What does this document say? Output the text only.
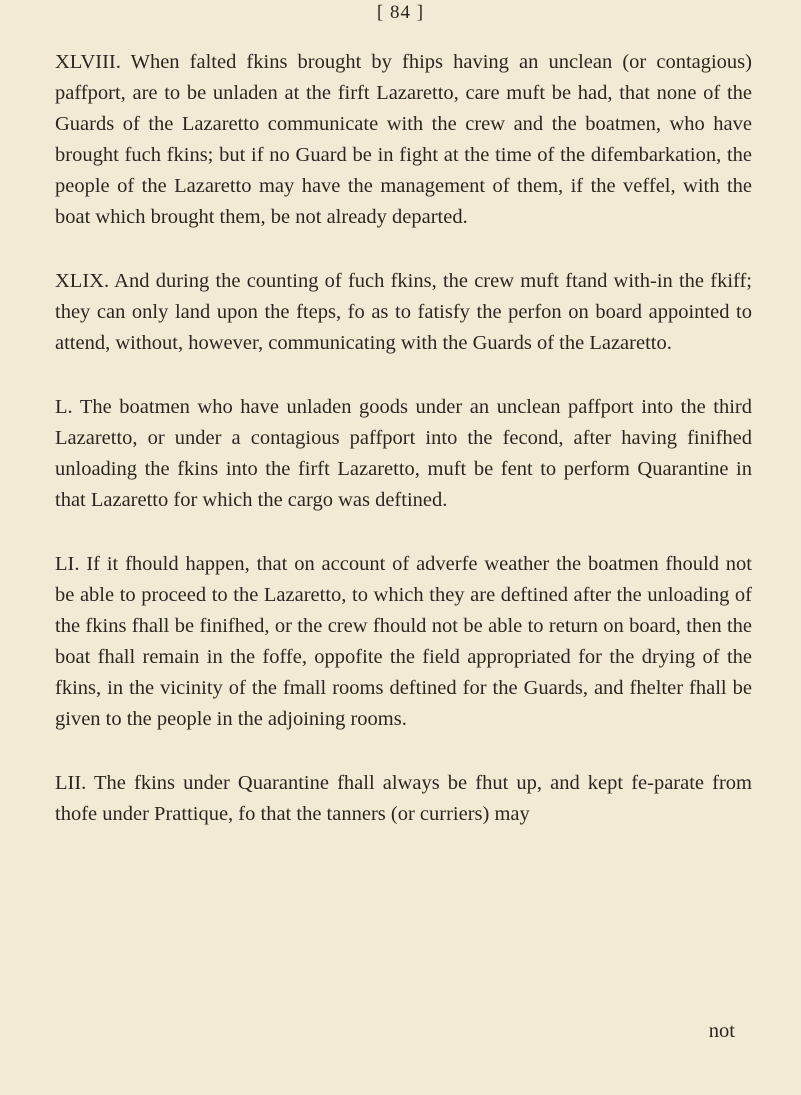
[ 84 ]

XLVIII. When falted fkins brought by fhips having an unclean (or contagious) paffport, are to be unladen at the firft Lazaretto, care muft be had, that none of the Guards of the Lazaretto communicate with the crew and the boatmen, who have brought fuch fkins; but if no Guard be in fight at the time of the difembarkation, the people of the Lazaretto may have the management of them, if the veffel, with the boat which brought them, be not already departed.

XLIX. And during the counting of fuch fkins, the crew muft ftand with-in the fkiff; they can only land upon the fteps, fo as to fatisfy the perfon on board appointed to attend, without, however, communicating with the Guards of the Lazaretto.

L. The boatmen who have unladen goods under an unclean paffport into the third Lazaretto, or under a contagious paffport into the fecond, after having finifhed unloading the fkins into the firft Lazaretto, muft be fent to perform Quarantine in that Lazaretto for which the cargo was deftined.

LI. If it fhould happen, that on account of adverfe weather the boatmen fhould not be able to proceed to the Lazaretto, to which they are deftined after the unloading of the fkins fhall be finifhed, or the crew fhould not be able to return on board, then the boat fhall remain in the foffe, oppofite the field appropriated for the drying of the fkins, in the vicinity of the fmall rooms deftined for the Guards, and fhelter fhall be given to the people in the adjoining rooms.

LII. The fkins under Quarantine fhall always be fhut up, and kept fe-parate from thofe under Prattique, fo that the tanners (or curriers) may

not
